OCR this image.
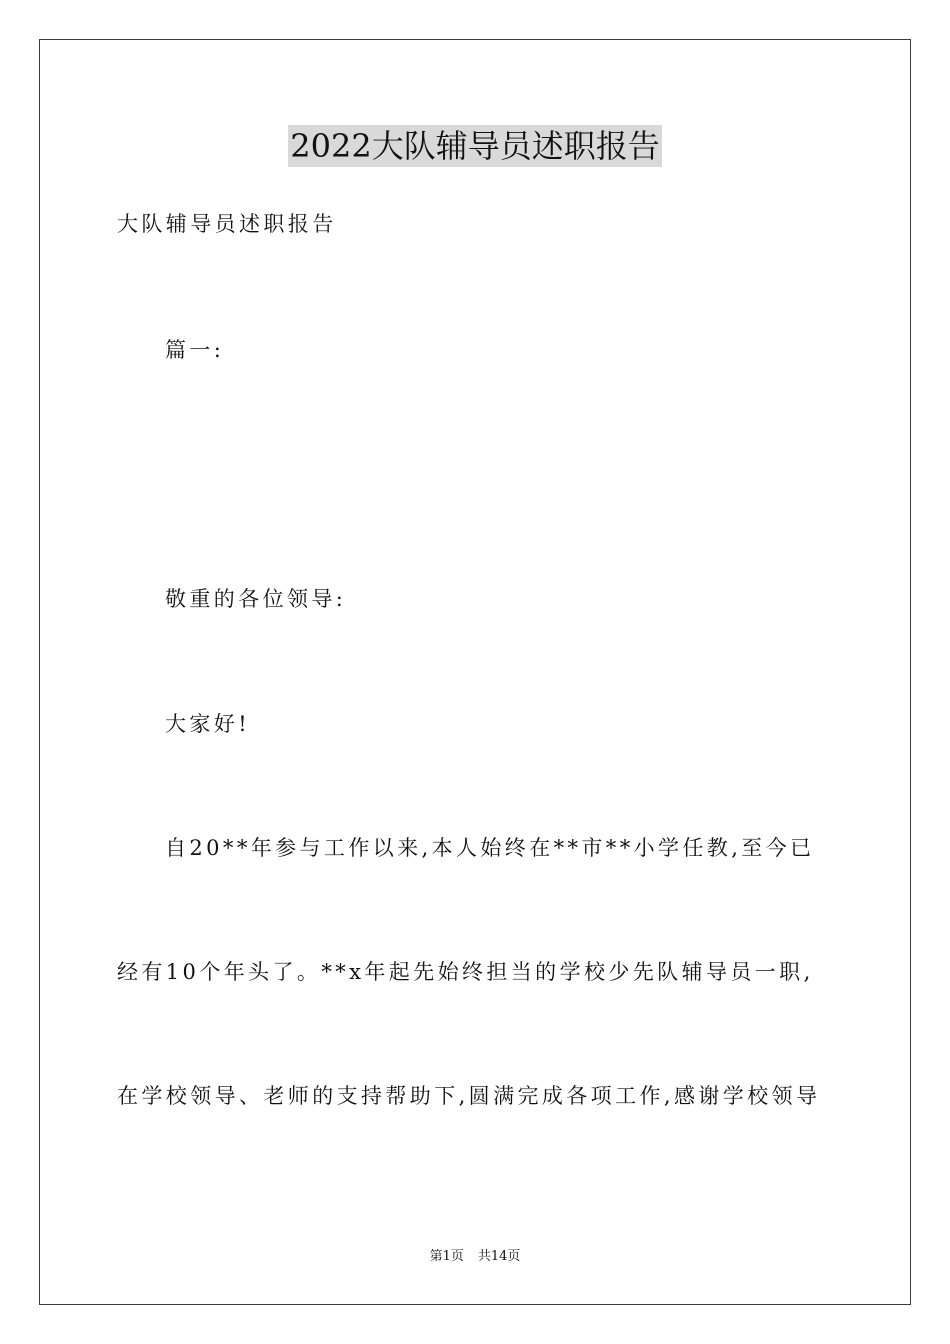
2022大队辅导员述职报告
大队辅导员述职报告
篇一:
敬重的各位领导:
大家好!
自20**年参与工作以来,本人始终在**市**小学任教,至今已
经有10个年头了。**x年起先始终担当的学校少先队辅导员一职,
在学校领导、老师的支持帮助下,圆满完成各项工作,感谢学校领导
第1页 共14页
